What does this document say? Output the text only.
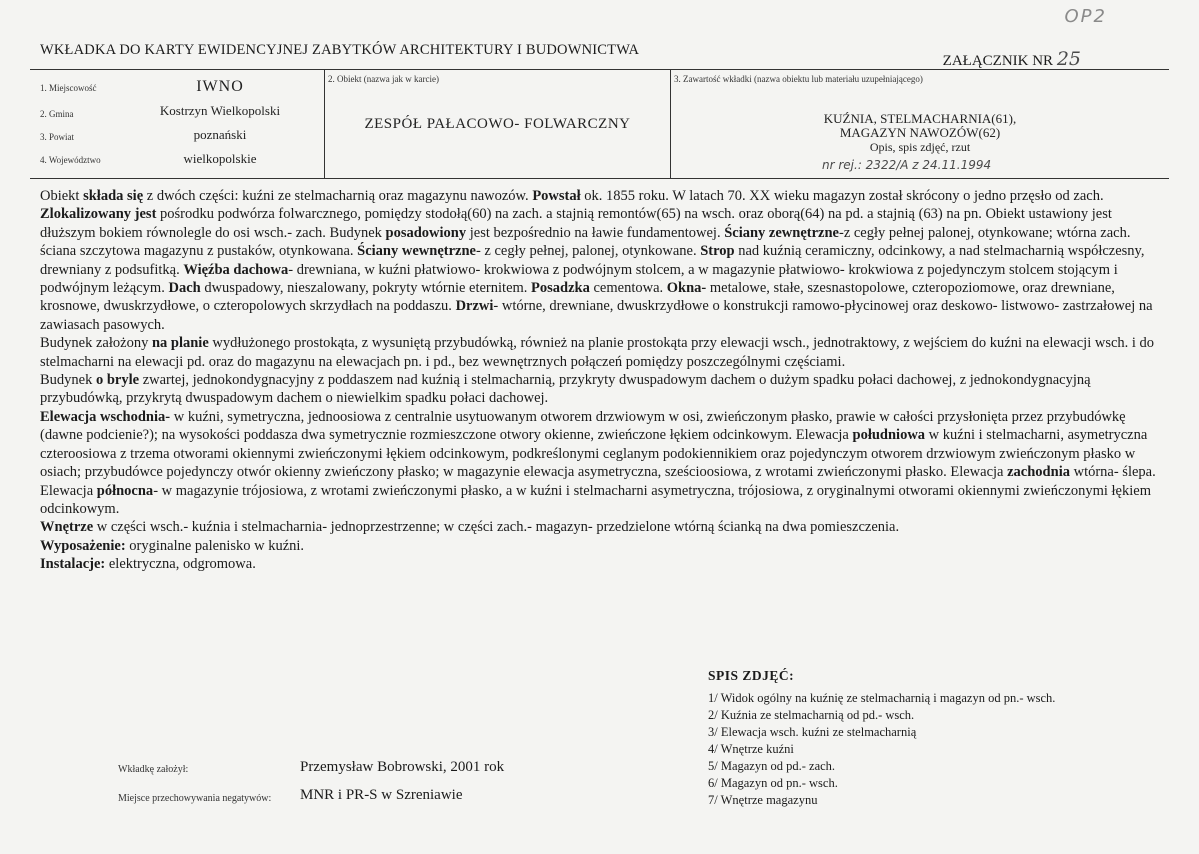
OP2
WKŁADKA DO KARTY EWIDENCYJNEJ ZABYTKÓW ARCHITEKTURY I BUDOWNICTWA
ZAŁĄCZNIK NR 25
1. Miejscowość
2. Gmina
3. Powiat
4. Województwo
IWNO
Kostrzyn Wielkopolski
poznański
wielkopolskie
2. Obiekt (nazwa jak w karcie)
ZESPÓŁ PAŁACOWO- FOLWARCZNY
3. Zawartość wkładki (nazwa obiektu lub materiału uzupełniającego)
KUŹNIA, STELMACHARNIA(61),
MAGAZYN NAWOZÓW(62)
Opis, spis zdjęć, rzut
nr rej.: 2322/A z 24.11.1994

Obiekt składa się z dwóch części: kuźni ze stelmacharnią oraz magazynu nawozów. Powstał ok. 1855 roku. W latach 70. XX wieku magazyn został skrócony o jedno przęsło od zach. Zlokalizowany jest pośrodku podwórza folwarcznego, pomiędzy stodołą(60) na zach. a stajnią remontów(65) na wsch. oraz oborą(64) na pd. a stajnią (63) na pn. Obiekt ustawiony jest dłuższym bokiem równolegle do osi wsch.- zach. Budynek posadowiony jest bezpośrednio na ławie fundamentowej. Ściany zewnętrzne-z cegły pełnej palonej, otynkowane; wtórna zach. ściana szczytowa magazynu z pustaków, otynkowana. Ściany wewnętrzne- z cegły pełnej, palonej, otynkowane. Strop nad kuźnią ceramiczny, odcinkowy, a nad stelmacharnią współczesny, drewniany z podsufitką. Więźba dachowa- drewniana, w kuźni płatwiowo- krokwiowa z podwójnym stolcem, a w magazynie płatwiowo- krokwiowa z pojedynczym stolcem stojącym i podwójnym leżącym. Dach dwuspadowy, nieszalowany, pokryty wtórnie eternitem. Posadzka cementowa. Okna- metalowe, stałe, szesnastopolowe, czteropoziomowe, oraz drewniane, krosnowe, dwuskrzydłowe, o czteropolowych skrzydłach na poddaszu. Drzwi- wtórne, drewniane, dwuskrzydłowe o konstrukcji ramowo-płycinowej oraz deskowo- listwowo- zastrzałowej na zawiasach pasowych.

Budynek założony na planie wydłużonego prostokąta, z wysuniętą przybudówką, również na planie prostokąta przy elewacji wsch., jednotraktowy, z wejściem do kuźni na elewacji wsch. i do stelmacharni na elewacji pd. oraz do magazynu na elewacjach pn. i pd., bez wewnętrznych połączeń pomiędzy poszczególnymi częściami.

Budynek o bryle zwartej, jednokondygnacyjny z poddaszem nad kuźnią i stelmacharnią, przykryty dwuspadowym dachem o dużym spadku połaci dachowej, z jednokondygnacyjną przybudówką, przykrytą dwuspadowym dachem o niewielkim spadku połaci dachowej.

Elewacja wschodnia- w kuźni, symetryczna, jednoosiowa z centralnie usytuowanym otworem drzwiowym w osi, zwieńczonym płasko, prawie w całości przysłonięta przez przybudówkę (dawne podcienie?); na wysokości poddasza dwa symetrycznie rozmieszczone otwory okienne, zwieńczone łękiem odcinkowym. Elewacja południowa w kuźni i stelmacharni, asymetryczna czteroosiowa z trzema otworami okiennymi zwieńczonymi łękiem odcinkowym, podkreślonymi ceglanym podokiennikiem oraz pojedynczym otworem drzwiowym zwieńczonym płasko w osiach; przybudówce pojedynczy otwór okienny zwieńczony płasko; w magazynie elewacja asymetryczna, sześcioosiowa, z wrotami zwieńczonymi płasko. Elewacja zachodnia wtórna- ślepa. Elewacja północna- w magazynie trójosiowa, z wrotami zwieńczonymi płasko, a w kuźni i stelmacharni asymetryczna, trójosiowa, z oryginalnymi otworami okiennymi zwieńczonymi łękiem odcinkowym.

Wnętrze w części wsch.- kuźnia i stelmacharnia- jednoprzestrzenne; w części zach.- magazyn- przedzielone wtórną ścianką na dwa pomieszczenia.

Wyposażenie: oryginalne palenisko w kuźni.

Instalacje: elektryczna, odgromowa.

SPIS ZDJĘĆ:
1/ Widok ogólny na kuźnię ze stelmacharnią i magazyn od pn.- wsch.
2/ Kuźnia ze stelmacharnią od pd.- wsch.
3/ Elewacja wsch. kuźni ze stelmacharnią
4/ Wnętrze kuźni
5/ Magazyn od pd.- zach.
6/ Magazyn od pn.- wsch.
7/ Wnętrze magazynu
Wkładkę założył:	Przemysław Bobrowski, 2001 rok
Miejsce przechowywania negatywów: MNR i PR-S w Szreniawie
